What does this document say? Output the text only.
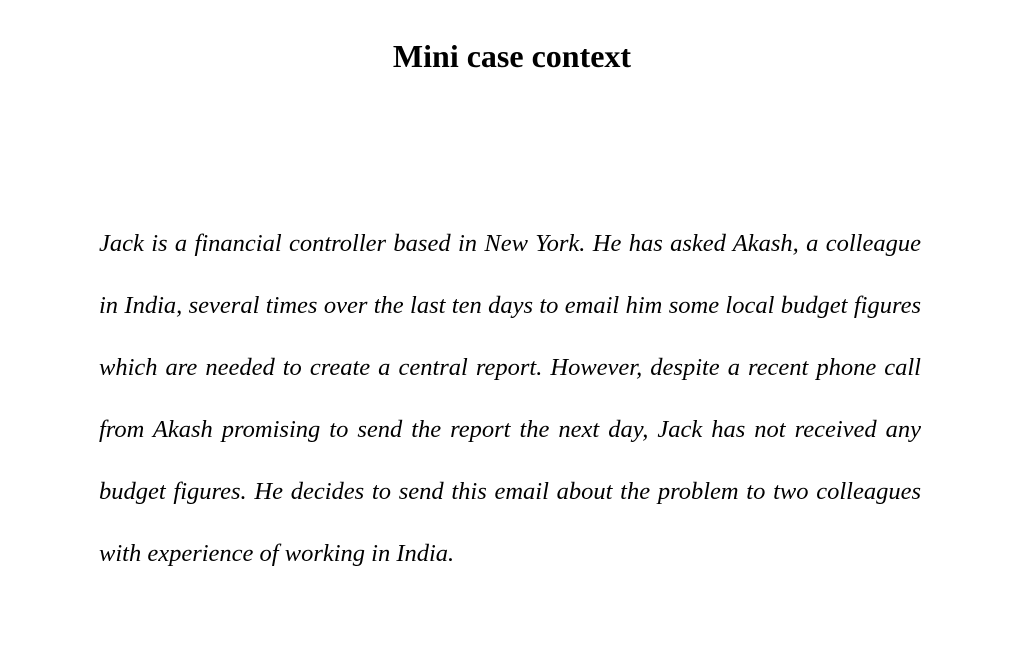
Mini case context

Jack is a financial controller based in New York. He has asked Akash, a colleague in India, several times over the last ten days to email him some local budget figures which are needed to create a central report. However, despite a recent phone call from Akash promising to send the report the next day, Jack has not received any budget figures. He decides to send this email about the problem to two colleagues with experience of working in India.
